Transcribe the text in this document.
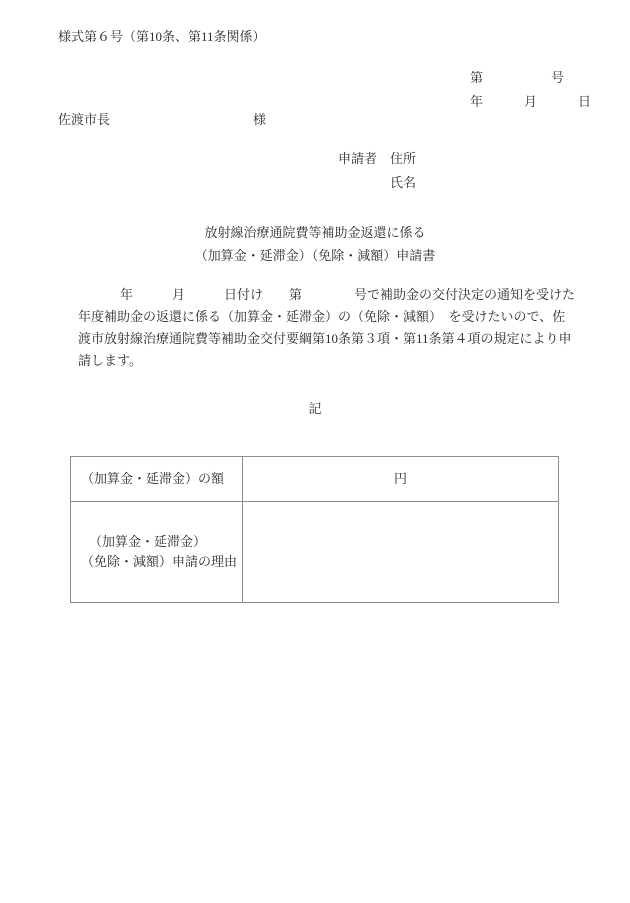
様式第６号（第10条、第11条関係）
第　　　　　号
年　　　月　　　日
佐渡市長　　　　　　　　　　　様
申請者　住所
氏名
放射線治療通院費等補助金返還に係る
（加算金・延滞金）（免除・減額）申請書
年　　　月　　　日付け　　第　　　　号で補助金の交付決定の通知を受けた
年度補助金の返還に係る（加算金・延滞金）の（免除・減額）　を受けたいので、佐
渡市放射線治療通院費等補助金交付要綱第10条第３項・第11条第４項の規定により申
請します。
記
（加算金・延滞金）の額	円

（加算金・延滞金）
（免除・減額）申請の理由	
